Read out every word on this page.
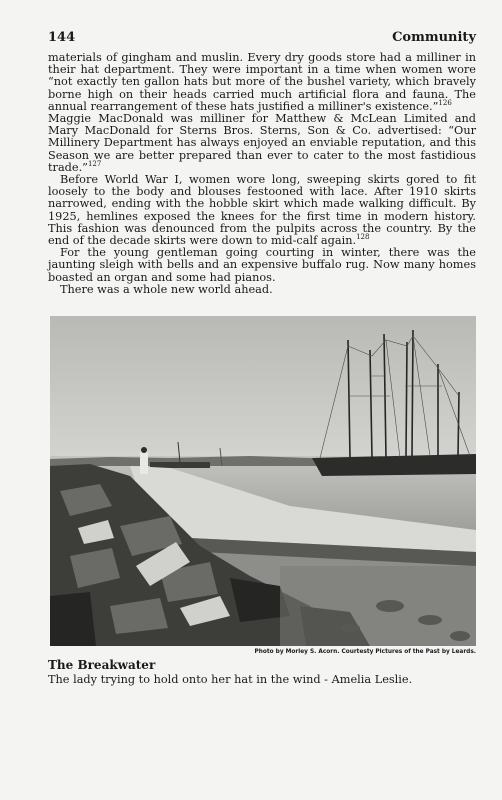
144	Community

materials of gingham and muslin. Every dry goods store had a milliner in their hat department. They were important in a time when women wore “not exactly ten gallon hats but more of the bushel variety, which bravely borne high on their heads carried much artificial flora and fauna. The annual rearrangement of these hats justified a milliner's existence.”$^{126}$

Maggie MacDonald was milliner for Matthew & McLean Limited and Mary MacDonald for Sterns Bros. Sterns, Son & Co. advertised: “Our Millinery Department has always enjoyed an enviable reputation, and this Season we are better prepared than ever to cater to the most fastidious trade.”$^{127}$

Before World War I, women wore long, sweeping skirts gored to fit loosely to the body and blouses festooned with lace. After 1910 skirts narrowed, ending with the hobble skirt which made walking difficult. By 1925, hemlines exposed the knees for the first time in modern history. This fashion was denounced from the pulpits across the country. By the end of the decade skirts were down to mid-calf again.$^{128}$

For the young gentleman going courting in winter, there was the jaunting sleigh with bells and an expensive buffalo rug. Now many homes boasted an organ and some had pianos.

There was a whole new world ahead.

Photo by Morley S. Acorn. Courtesty Pictures of the Past by Leards.
The Breakwater
The lady trying to hold onto her hat in the wind - Amelia Leslie.
